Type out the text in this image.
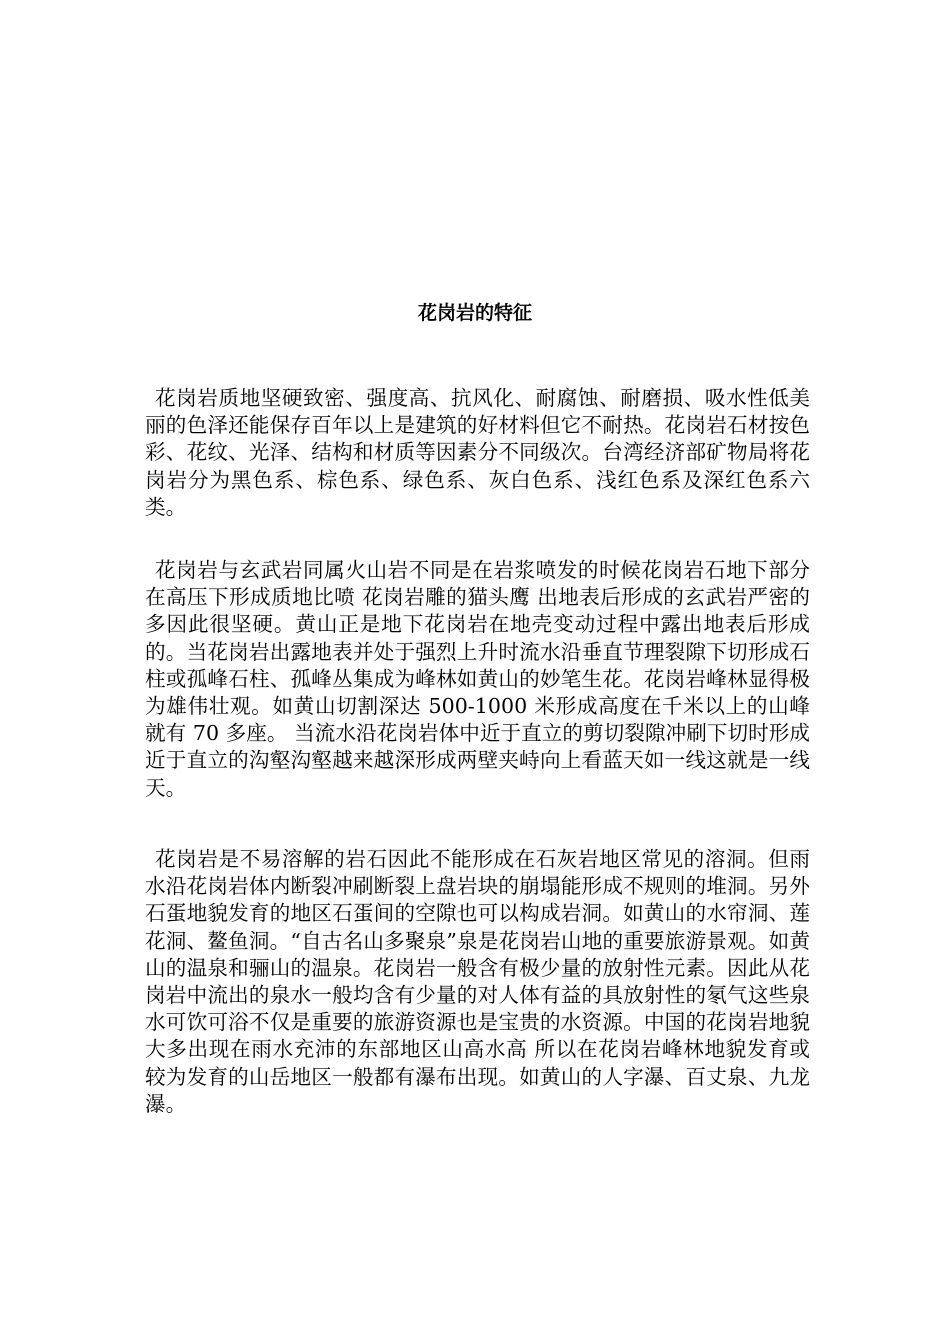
花岗岩的特征

花岗岩质地坚硬致密、强度高、抗风化、耐腐蚀、耐磨损、吸水性低美丽的色泽还能保存百年以上是建筑的好材料但它不耐热。花岗岩石材按色彩、花纹、光泽、结构和材质等因素分不同级次。台湾经济部矿物局将花岗岩分为黑色系、棕色系、绿色系、灰白色系、浅红色系及深红色系六类。

花岗岩与玄武岩同属火山岩不同是在岩浆喷发的时候花岗岩石地下部分在高压下形成质地比喷 花岗岩雕的猫头鹰 出地表后形成的玄武岩严密的多因此很坚硬。黄山正是地下花岗岩在地壳变动过程中露出地表后形成的。当花岗岩出露地表并处于强烈上升时流水沿垂直节理裂隙下切形成石柱或孤峰石柱、孤峰丛集成为峰林如黄山的妙笔生花。花岗岩峰林显得极为雄伟壮观。如黄山切割深达 500-1000 米形成高度在千米以上的山峰就有 70 多座。 当流水沿花岗岩体中近于直立的剪切裂隙冲刷下切时形成近于直立的沟壑沟壑越来越深形成两壁夹峙向上看蓝天如一线这就是一线天。

花岗岩是不易溶解的岩石因此不能形成在石灰岩地区常见的溶洞。但雨水沿花岗岩体内断裂冲刷断裂上盘岩块的崩塌能形成不规则的堆洞。另外石蛋地貌发育的地区石蛋间的空隙也可以构成岩洞。如黄山的水帘洞、莲花洞、鳌鱼洞。“自古名山多聚泉”泉是花岗岩山地的重要旅游景观。如黄山的温泉和骊山的温泉。花岗岩一般含有极少量的放射性元素。因此从花岗岩中流出的泉水一般均含有少量的对人体有益的具放射性的氡气这些泉水可饮可浴不仅是重要的旅游资源也是宝贵的水资源。中国的花岗岩地貌大多出现在雨水充沛的东部地区山高水高 所以在花岗岩峰林地貌发育或较为发育的山岳地区一般都有瀑布出现。如黄山的人字瀑、百丈泉、九龙瀑。
